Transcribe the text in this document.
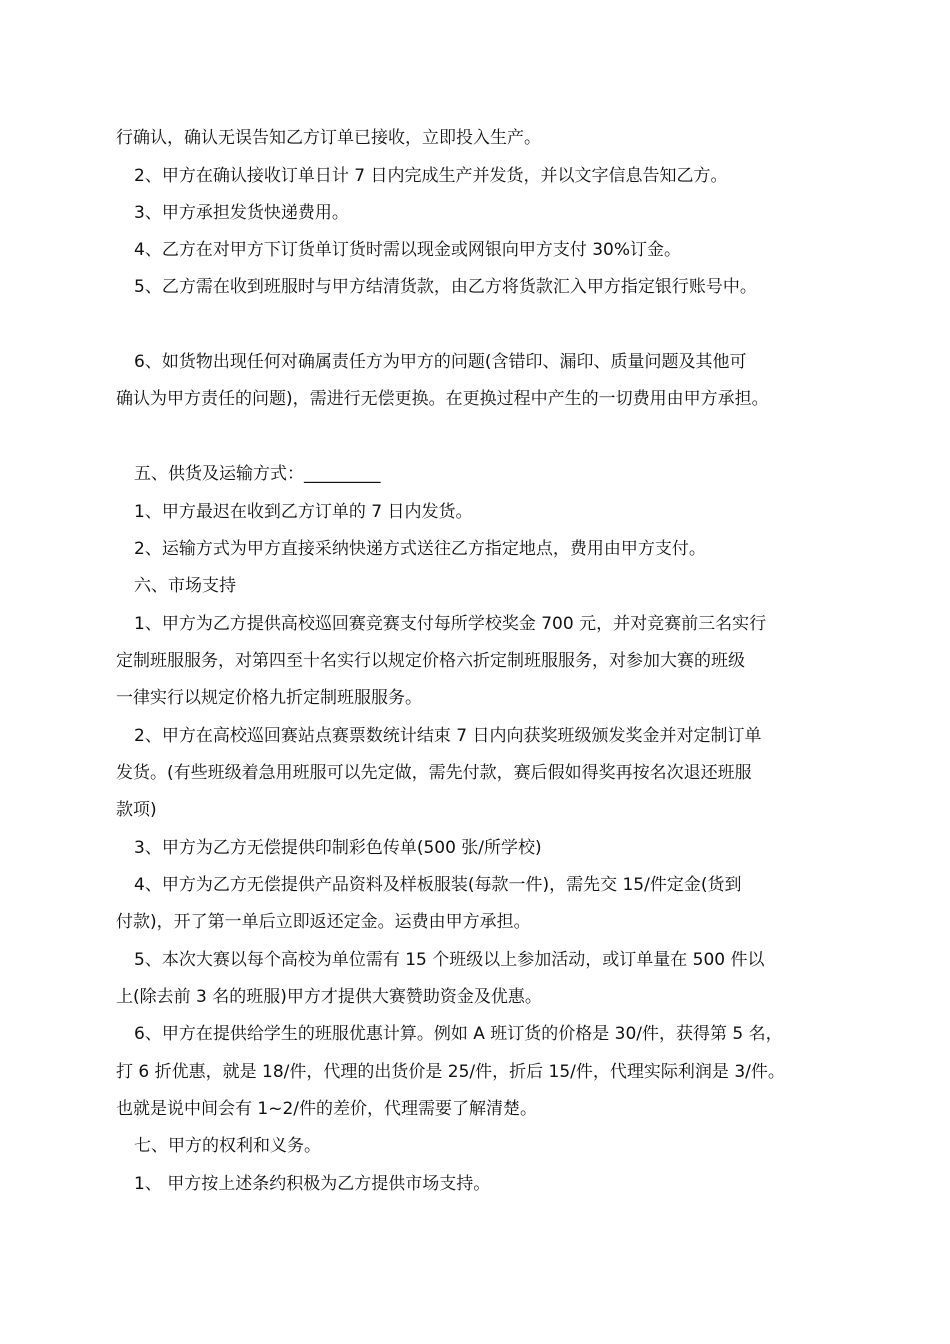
行确认，确认无误告知乙方订单已接收，立即投入生产。
2、甲方在确认接收订单日计 7 日内完成生产并发货，并以文字信息告知乙方。
3、甲方承担发货快递费用。
4、乙方在对甲方下订货单订货时需以现金或网银向甲方支付 30%订金。
5、乙方需在收到班服时与甲方结清货款，由乙方将货款汇入甲方指定银行账号中。
6、如货物出现任何对确属责任方为甲方的问题(含错印、漏印、质量问题及其他可
确认为甲方责任的问题)，需进行无偿更换。在更换过程中产生的一切费用由甲方承担。
五、供货及运输方式：_________
1、甲方最迟在收到乙方订单的 7 日内发货。
2、运输方式为甲方直接采纳快递方式送往乙方指定地点，费用由甲方支付。
六、市场支持
1、甲方为乙方提供高校巡回赛竞赛支付每所学校奖金 700 元，并对竞赛前三名实行
定制班服服务，对第四至十名实行以规定价格六折定制班服服务，对参加大赛的班级
一律实行以规定价格九折定制班服服务。
2、甲方在高校巡回赛站点赛票数统计结束 7 日内向获奖班级颁发奖金并对定制订单
发货。(有些班级着急用班服可以先定做，需先付款，赛后假如得奖再按名次退还班服
款项)
3、甲方为乙方无偿提供印制彩色传单(500 张/所学校)
4、甲方为乙方无偿提供产品资料及样板服装(每款一件)，需先交 15/件定金(货到
付款)，开了第一单后立即返还定金。运费由甲方承担。
5、本次大赛以每个高校为单位需有 15 个班级以上参加活动，或订单量在 500 件以
上(除去前 3 名的班服)甲方才提供大赛赞助资金及优惠。
6、甲方在提供给学生的班服优惠计算。例如 A 班订货的价格是 30/件，获得第 5 名，
打 6 折优惠，就是 18/件，代理的出货价是 25/件，折后 15/件，代理实际利润是 3/件。
也就是说中间会有 1~2/件的差价，代理需要了解清楚。
七、甲方的权利和义务。
1、 甲方按上述条约积极为乙方提供市场支持。
